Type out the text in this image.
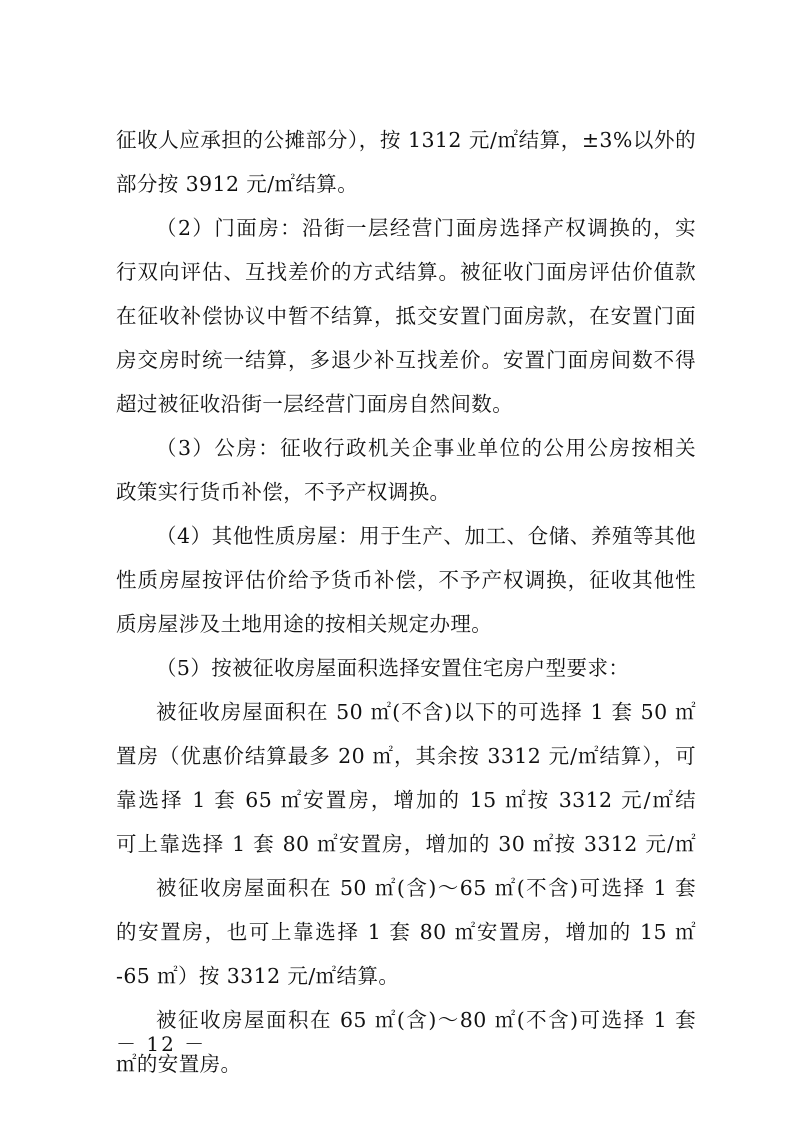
征收人应承担的公摊部分），按 1312 元/㎡结算，±3%以外的
部分按 3912 元/㎡结算。
（2）门面房：沿街一层经营门面房选择产权调换的，实
行双向评估、互找差价的方式结算。被征收门面房评估价值款
在征收补偿协议中暂不结算，抵交安置门面房款，在安置门面
房交房时统一结算，多退少补互找差价。安置门面房间数不得
超过被征收沿街一层经营门面房自然间数。
（3）公房：征收行政机关企事业单位的公用公房按相关
政策实行货币补偿，不予产权调换。
（4）其他性质房屋：用于生产、加工、仓储、养殖等其他
性质房屋按评估价给予货币补偿，不予产权调换，征收其他性
质房屋涉及土地用途的按相关规定办理。
（5）按被征收房屋面积选择安置住宅房户型要求：
被征收房屋面积在 50 ㎡(不含)以下的可选择 1 套 50 ㎡
置房（优惠价结算最多 20 ㎡，其余按 3312 元/㎡结算），可
靠选择 1 套 65 ㎡安置房，增加的 15 ㎡按 3312 元/㎡结
可上靠选择 1 套 80 ㎡安置房，增加的 30 ㎡按 3312 元/㎡
被征收房屋面积在 50 ㎡(含)～65 ㎡(不含)可选择 1 套
的安置房，也可上靠选择 1 套 80 ㎡安置房，增加的 15 ㎡
-65 ㎡）按 3312 元/㎡结算。
被征收房屋面积在 65 ㎡(含)～80 ㎡(不含)可选择 1 套
㎡的安置房。
－ 12 －
